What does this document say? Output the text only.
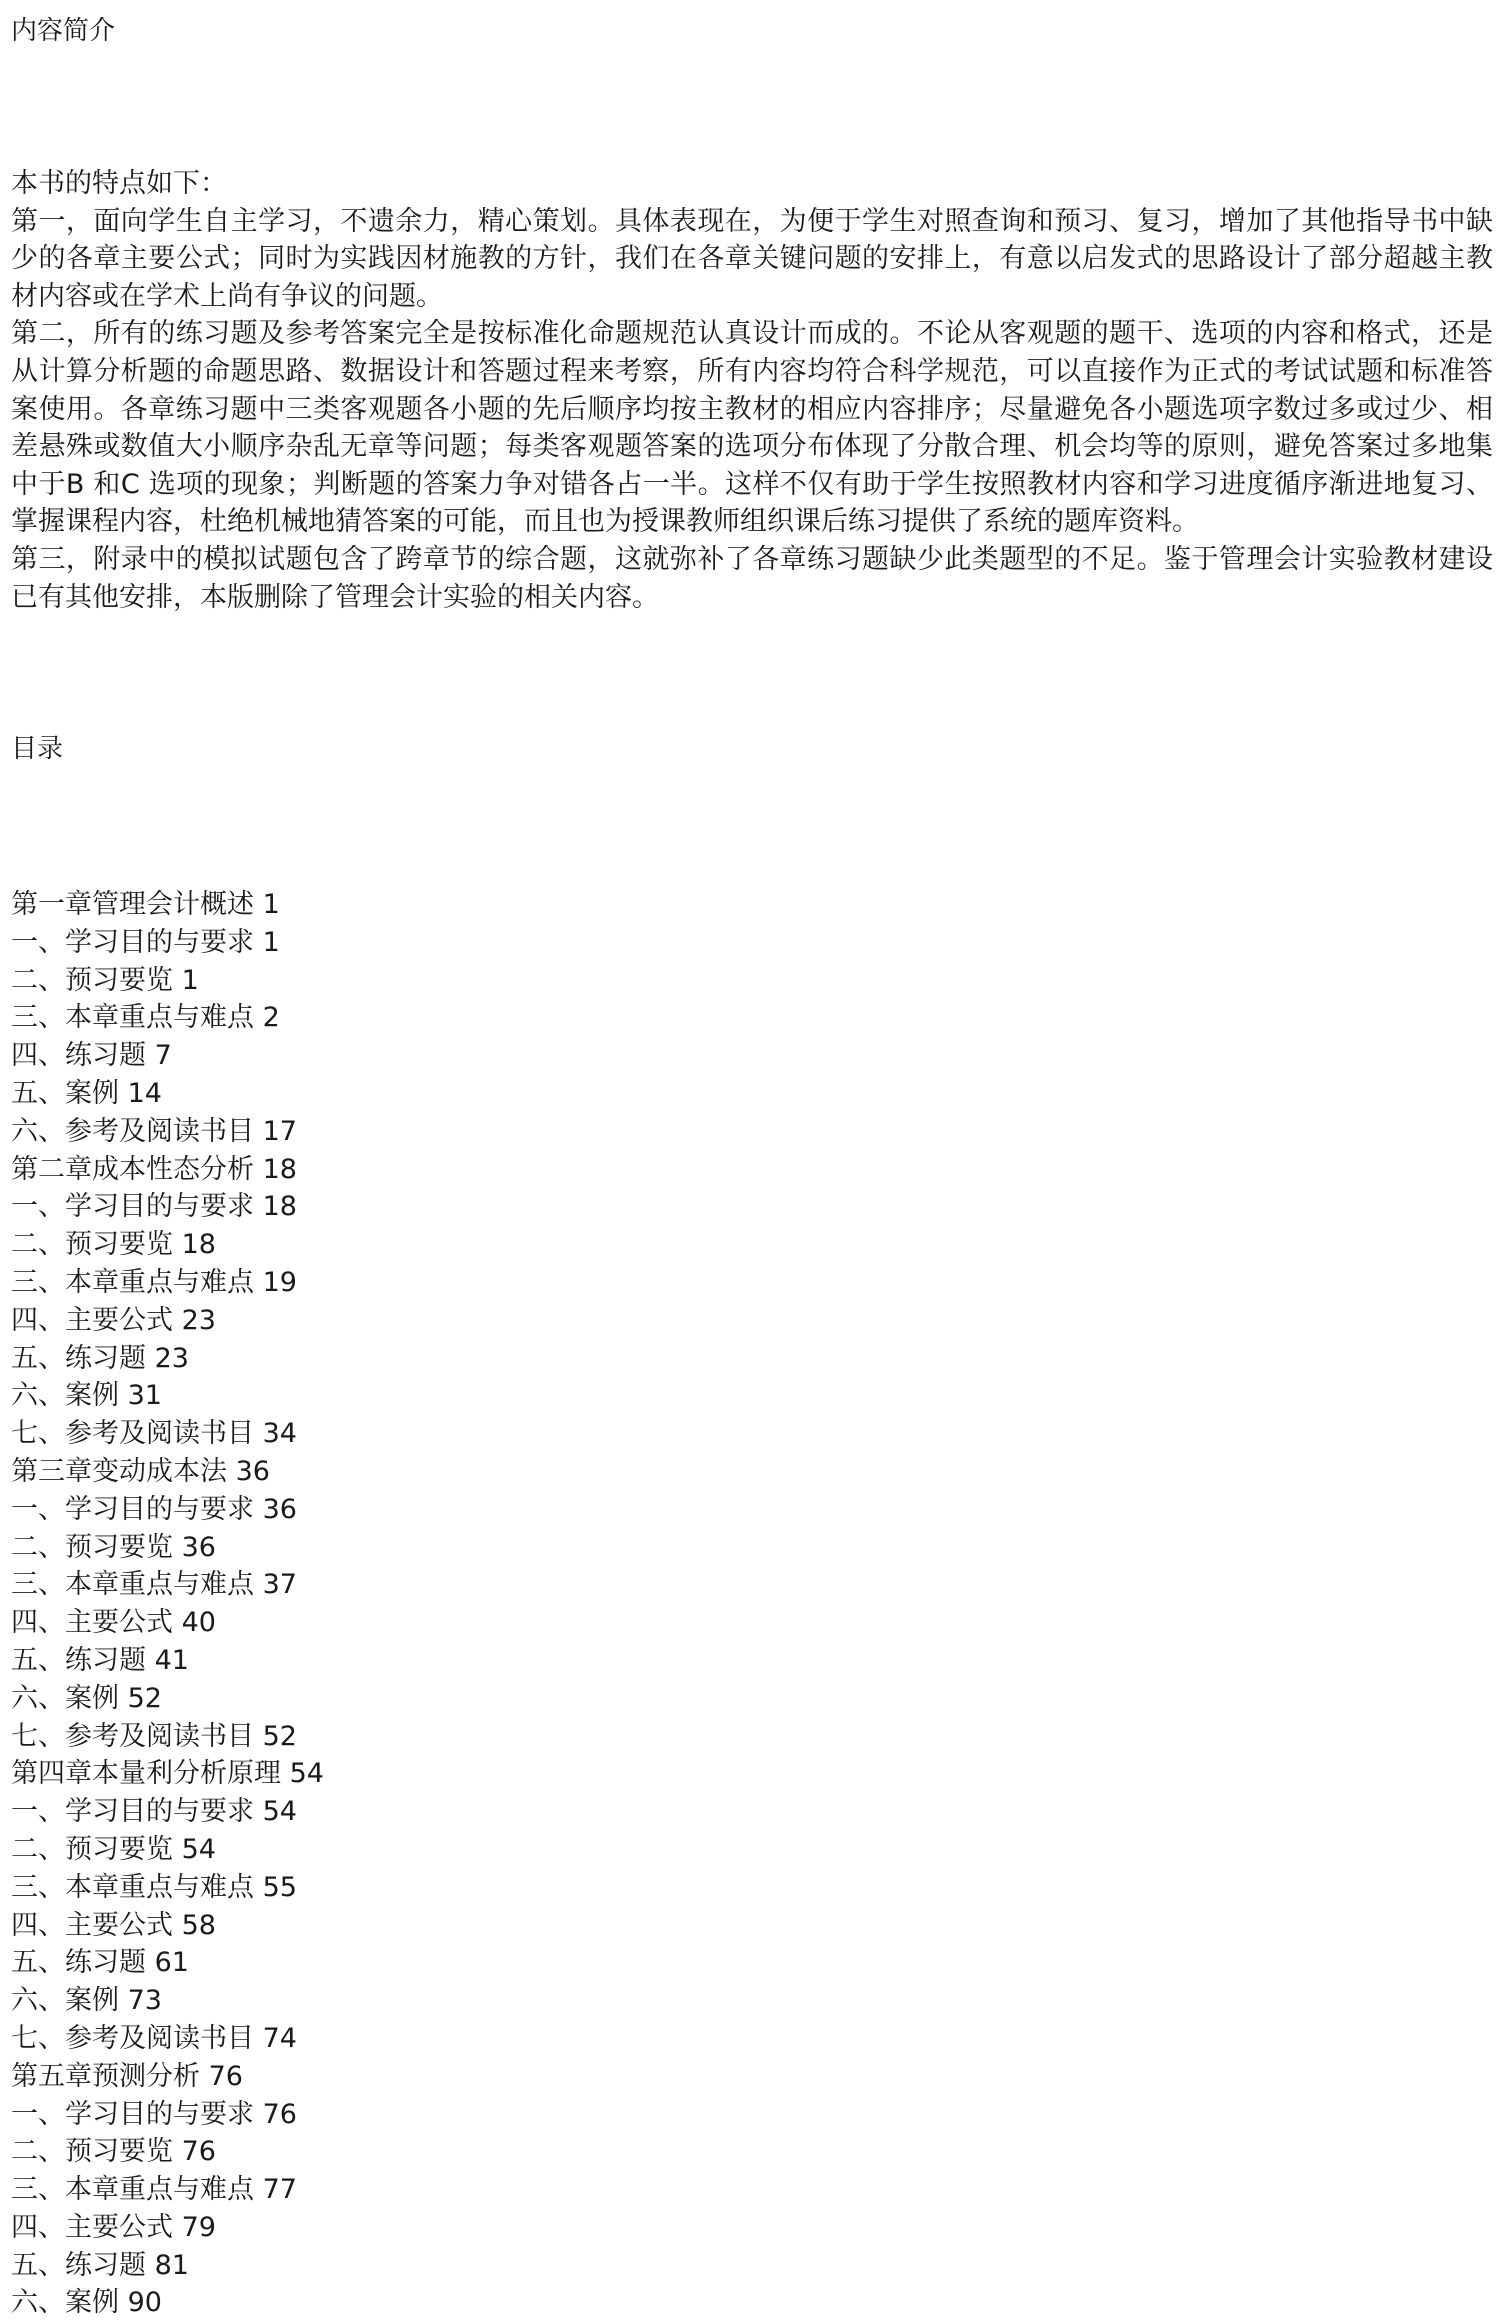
内容简介

本书的特点如下：

第一，面向学生自主学习，不遗余力，精心策划。具体表现在，为便于学生对照查询和预习、复习，增加了其他指导书中缺少的各章主要公式；同时为实践因材施教的方针，我们在各章关键问题的安排上，有意以启发式的思路设计了部分超越主教材内容或在学术上尚有争议的问题。

第二，所有的练习题及参考答案完全是按标准化命题规范认真设计而成的。不论从客观题的题干、选项的内容和格式，还是从计算分析题的命题思路、数据设计和答题过程来考察，所有内容均符合科学规范，可以直接作为正式的考试试题和标准答案使用。各章练习题中三类客观题各小题的先后顺序均按主教材的相应内容排序；尽量避免各小题选项字数过多或过少、相差悬殊或数值大小顺序杂乱无章等问题；每类客观题答案的选项分布体现了分散合理、机会均等的原则，避免答案过多地集中于B 和C 选项的现象；判断题的答案力争对错各占一半。这样不仅有助于学生按照教材内容和学习进度循序渐进地复习、掌握课程内容，杜绝机械地猜答案的可能，而且也为授课教师组织课后练习提供了系统的题库资料。

第三，附录中的模拟试题包含了跨章节的综合题，这就弥补了各章练习题缺少此类题型的不足。鉴于管理会计实验教材建设已有其他安排，本版删除了管理会计实验的相关内容。

目录
第一章管理会计概述 1
一、学习目的与要求 1
二、预习要览 1
三、本章重点与难点 2
四、练习题 7
五、案例 14
六、参考及阅读书目 17
第二章成本性态分析 18
一、学习目的与要求 18
二、预习要览 18
三、本章重点与难点 19
四、主要公式 23
五、练习题 23
六、案例 31
七、参考及阅读书目 34
第三章变动成本法 36
一、学习目的与要求 36
二、预习要览 36
三、本章重点与难点 37
四、主要公式 40
五、练习题 41
六、案例 52
七、参考及阅读书目 52
第四章本量利分析原理 54
一、学习目的与要求 54
二、预习要览 54
三、本章重点与难点 55
四、主要公式 58
五、练习题 61
六、案例 73
七、参考及阅读书目 74
第五章预测分析 76
一、学习目的与要求 76
二、预习要览 76
三、本章重点与难点 77
四、主要公式 79
五、练习题 81
六、案例 90
